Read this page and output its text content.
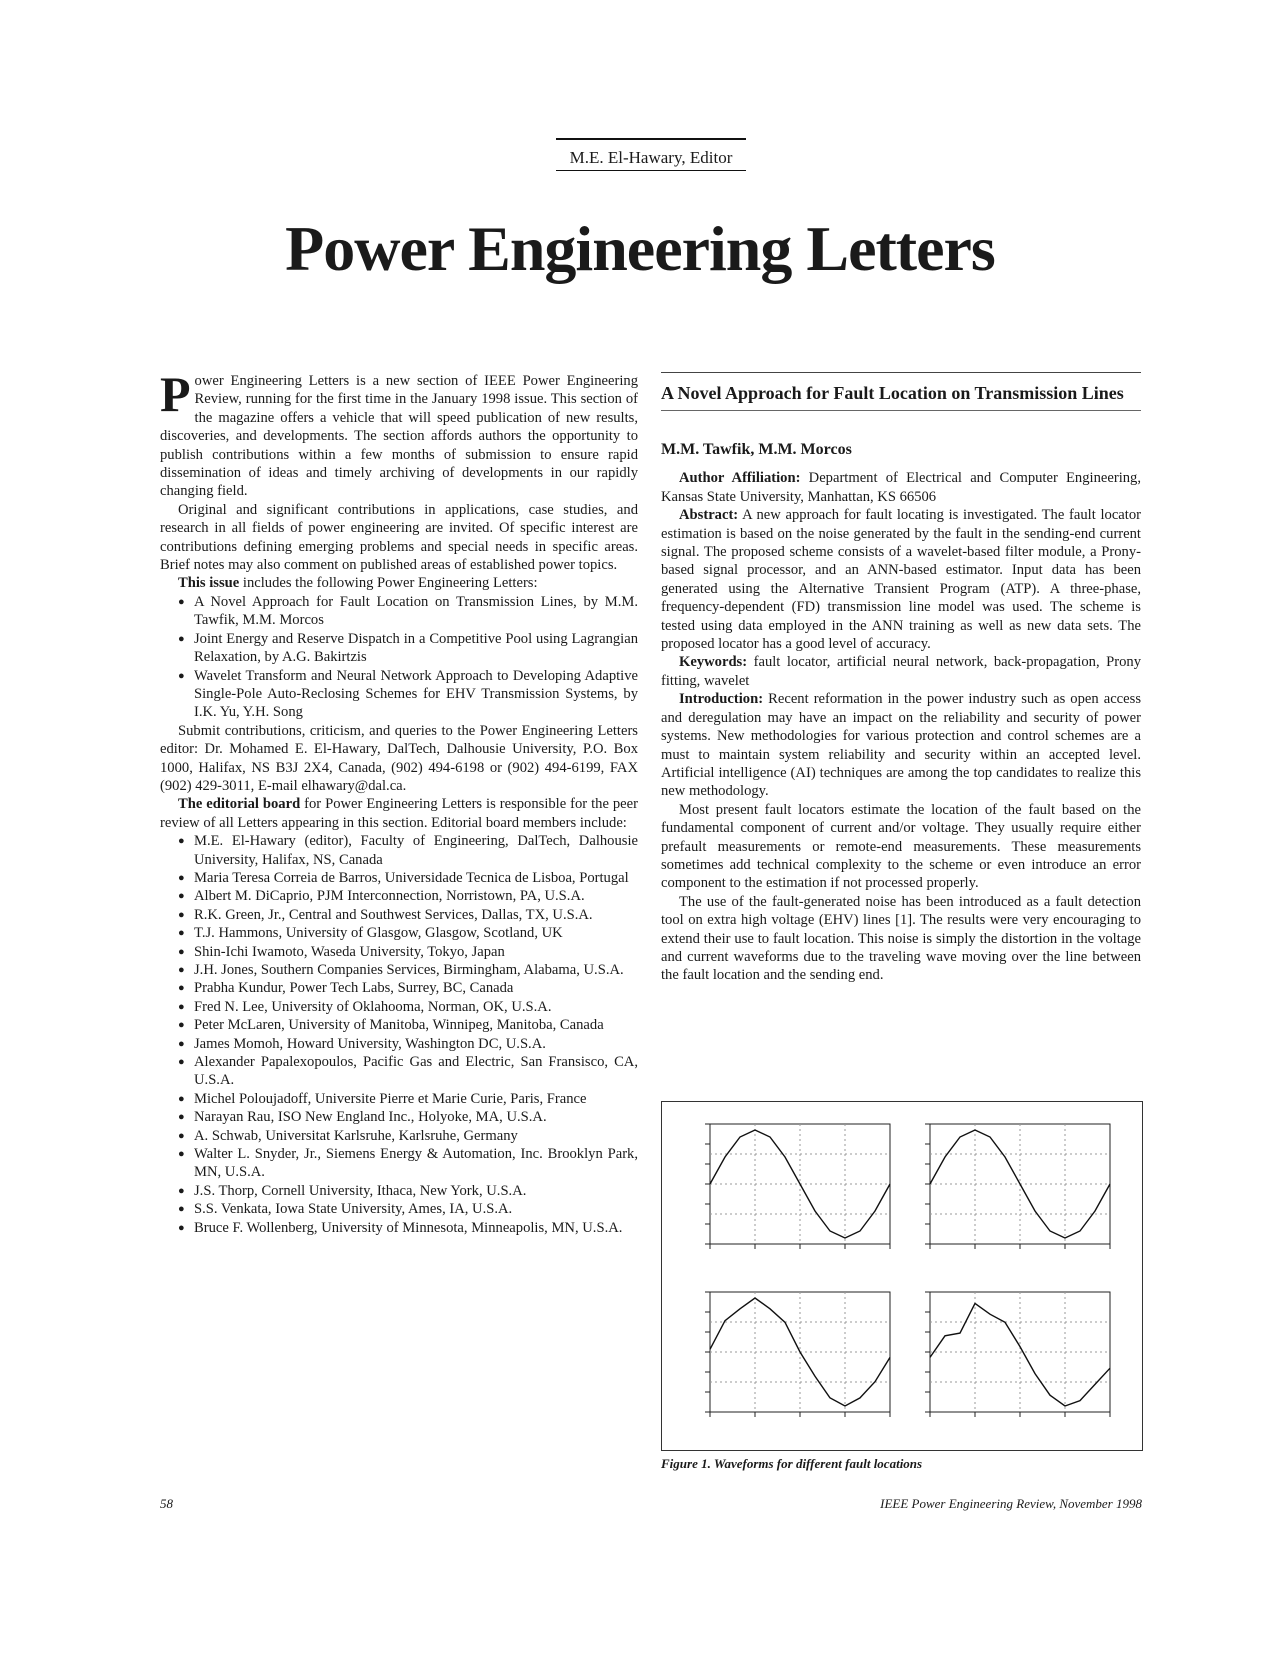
M.E. El-Hawary, Editor
Power Engineering Letters

Power Engineering Letters is a new section of IEEE Power Engineering Review, running for the first time in the January 1998 issue. This section of the magazine offers a vehicle that will speed publication of new results, discoveries, and developments. The section affords authors the opportunity to publish contributions within a few months of submission to ensure rapid dissemination of ideas and timely archiving of developments in our rapidly changing field.

Original and significant contributions in applications, case studies, and research in all fields of power engineering are invited. Of specific interest are contributions defining emerging problems and special needs in specific areas. Brief notes may also comment on published areas of established power topics.

This issue includes the following Power Engineering Letters:

● A Novel Approach for Fault Location on Transmission Lines, by M.M. Tawfik, M.M. Morcos
● Joint Energy and Reserve Dispatch in a Competitive Pool using Lagrangian Relaxation, by A.G. Bakirtzis
● Wavelet Transform and Neural Network Approach to Developing Adaptive Single-Pole Auto-Reclosing Schemes for EHV Transmission Systems, by I.K. Yu, Y.H. Song

Submit contributions, criticism, and queries to the Power Engineering Letters editor: Dr. Mohamed E. El-Hawary, DalTech, Dalhousie University, P.O. Box 1000, Halifax, NS B3J 2X4, Canada, (902) 494-6198 or (902) 494-6199, FAX (902) 429-3011, E-mail elhawary@dal.ca.

The editorial board for Power Engineering Letters is responsible for the peer review of all Letters appearing in this section. Editorial board members include:

● M.E. El-Hawary (editor), Faculty of Engineering, DalTech, Dalhousie University, Halifax, NS, Canada
● Maria Teresa Correia de Barros, Universidade Tecnica de Lisboa, Portugal
● Albert M. DiCaprio, PJM Interconnection, Norristown, PA, U.S.A.
● R.K. Green, Jr., Central and Southwest Services, Dallas, TX, U.S.A.
● T.J. Hammons, University of Glasgow, Glasgow, Scotland, UK
● Shin-Ichi Iwamoto, Waseda University, Tokyo, Japan
● J.H. Jones, Southern Companies Services, Birmingham, Alabama, U.S.A.
● Prabha Kundur, Power Tech Labs, Surrey, BC, Canada
● Fred N. Lee, University of Oklahooma, Norman, OK, U.S.A.
● Peter McLaren, University of Manitoba, Winnipeg, Manitoba, Canada
● James Momoh, Howard University, Washington DC, U.S.A.
● Alexander Papalexopoulos, Pacific Gas and Electric, San Fransisco, CA, U.S.A.
● Michel Poloujadoff, Universite Pierre et Marie Curie, Paris, France
● Narayan Rau, ISO New England Inc., Holyoke, MA, U.S.A.
● A. Schwab, Universitat Karlsruhe, Karlsruhe, Germany
● Walter L. Snyder, Jr., Siemens Energy & Automation, Inc. Brooklyn Park, MN, U.S.A.
● J.S. Thorp, Cornell University, Ithaca, New York, U.S.A.
● S.S. Venkata, Iowa State University, Ames, IA, U.S.A.
● Bruce F. Wollenberg, University of Minnesota, Minneapolis, MN, U.S.A.

A Novel Approach for Fault Location on Transmission Lines

M.M. Tawfik, M.M. Morcos

Author Affiliation: Department of Electrical and Computer Engineering, Kansas State University, Manhattan, KS 66506

Abstract: A new approach for fault locating is investigated. The fault locator estimation is based on the noise generated by the fault in the sending-end current signal. The proposed scheme consists of a wavelet-based filter module, a Prony-based signal processor, and an ANN-based estimator. Input data has been generated using the Alternative Transient Program (ATP). A three-phase, frequency-dependent (FD) transmission line model was used. The scheme is tested using data employed in the ANN training as well as new data sets. The proposed locator has a good level of accuracy.

Keywords: fault locator, artificial neural network, back-propagation, Prony fitting, wavelet

Introduction: Recent reformation in the power industry such as open access and deregulation may have an impact on the reliability and security of power systems. New methodologies for various protection and control schemes are a must to maintain system reliability and security within an accepted level. Artificial intelligence (AI) techniques are among the top candidates to realize this new methodology.

Most present fault locators estimate the location of the fault based on the fundamental component of current and/or voltage. They usually require either prefault measurements or remote-end measurements. These measurements sometimes add technical complexity to the scheme or even introduce an error component to the estimation if not processed properly.

The use of the fault-generated noise has been introduced as a fault detection tool on extra high voltage (EHV) lines [1]. The results were very encouraging to extend their use to fault location. This noise is simply the distortion in the voltage and current waveforms due to the traveling wave moving over the line between the fault location and the sending end.

Figure 1. Waveforms for different fault locations
58	IEEE Power Engineering Review, November 1998
